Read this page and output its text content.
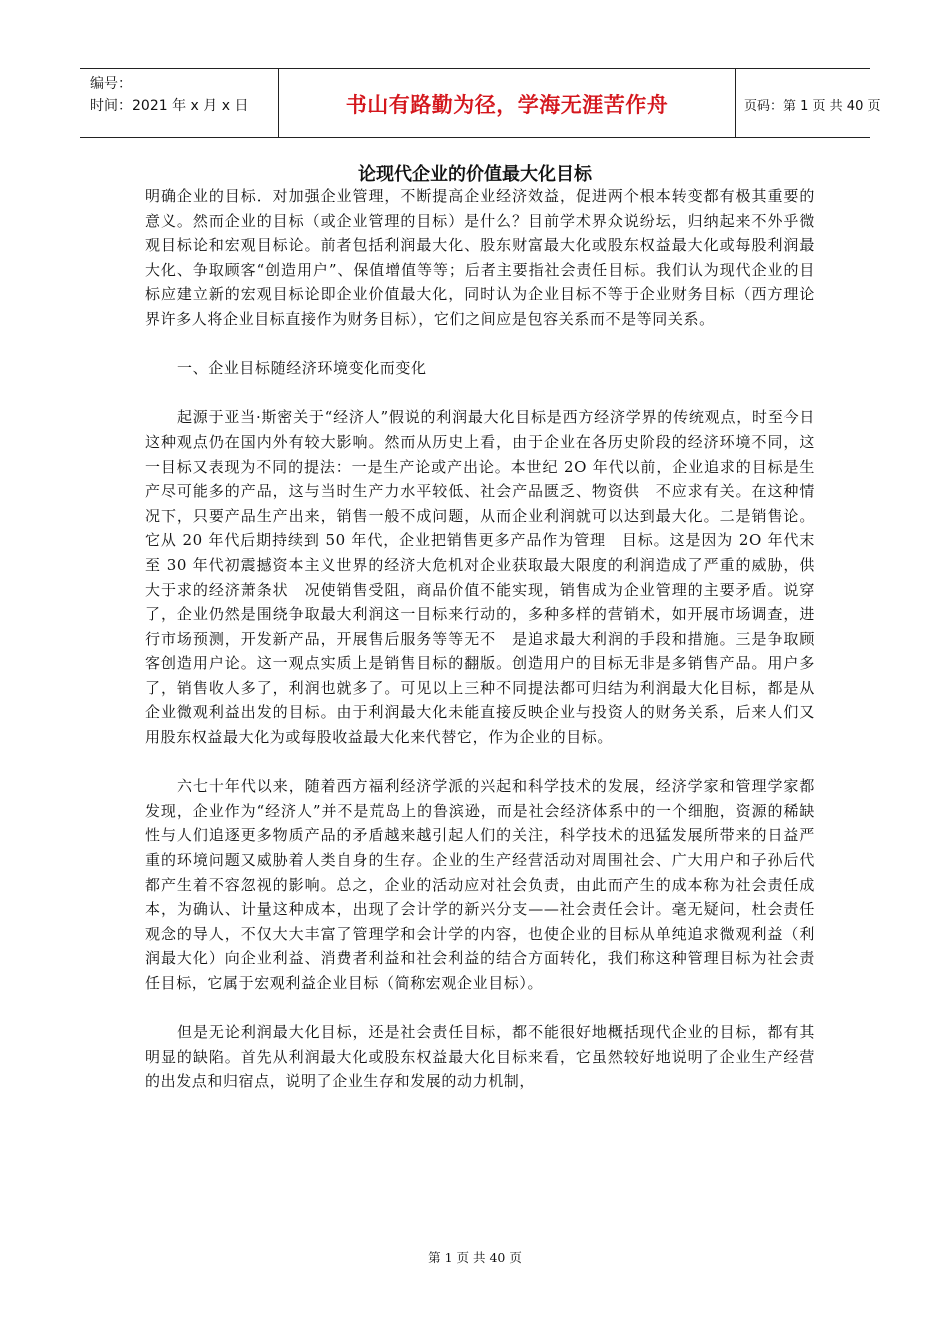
编号：
时间：2021 年 x 月 x 日	书山有路勤为径，学海无涯苦作舟	页码：第 1 页 共 40 页
论现代企业的价值最大化目标

明确企业的目标．对加强企业管理，不断提高企业经济效益，促进两个根本转变都有极其重要的意义。然而企业的目标（或企业管理的目标）是什么？目前学术界众说纷坛，归纳起来不外乎微观目标论和宏观目标论。前者包括利润最大化、股东财富最大化或股东权益最大化或每股利润最大化、争取顾客“创造用户”、保值增值等等；后者主要指社会责任目标。我们认为现代企业的目标应建立新的宏观目标论即企业价值最大化，同时认为企业目标不等于企业财务目标（西方理论界许多人将企业目标直接作为财务目标），它们之间应是包容关系而不是等同关系。

一、企业目标随经济环境变化而变化

起源于亚当·斯密关于“经济人”假说的利润最大化目标是西方经济学界的传统观点，时至今日这种观点仍在国内外有较大影响。然而从历史上看，由于企业在各历史阶段的经济环境不同，这一目标又表现为不同的提法：一是生产论或产出论。本世纪 2O 年代以前，企业追求的目标是生产尽可能多的产品，这与当时生产力水平较低、社会产品匮乏、物资供　不应求有关。在这种情况下，只要产品生产出来，销售一般不成问题，从而企业利润就可以达到最大化。二是销售论。它从 20 年代后期持续到 50 年代，企业把销售更多产品作为管理　目标。这是因为 2O 年代末至 30 年代初震撼资本主义世界的经济大危机对企业获取最大限度的利润造成了严重的威胁，供大于求的经济萧条状　况使销售受阻，商品价值不能实现，销售成为企业管理的主要矛盾。说穿了，企业仍然是围绕争取最大利润这一目标来行动的，多种多样的营销术，如开展市场调查，进行市场预测，开发新产品，开展售后服务等等无不　是追求最大利润的手段和措施。三是争取顾客创造用户论。这一观点实质上是销售目标的翻版。创造用户的目标无非是多销售产品。用户多了，销售收人多了，利润也就多了。可见以上三种不同提法都可归结为利润最大化目标，都是从企业微观利益出发的目标。由于利润最大化未能直接反映企业与投资人的财务关系，后来人们又用股东权益最大化为或每股收益最大化来代替它，作为企业的目标。

六七十年代以来，随着西方福利经济学派的兴起和科学技术的发展，经济学家和管理学家都发现，企业作为“经济人”并不是荒岛上的鲁滨逊，而是社会经济体系中的一个细胞，资源的稀缺性与人们追逐更多物质产品的矛盾越来越引起人们的关注，科学技术的迅猛发展所带来的日益严重的环境问题又威胁着人类自身的生存。企业的生产经营活动对周围社会、广大用户和子孙后代都产生着不容忽视的影响。总之，企业的活动应对社会负责，由此而产生的成本称为社会责任成本，为确认、计量这种成本，出现了会计学的新兴分支——社会责任会计。毫无疑问，杜会责任观念的导人，不仅大大丰富了管理学和会计学的内容，也使企业的目标从单纯追求微观利益（利润最大化）向企业利益、消费者利益和社会利益的结合方面转化，我们称这种管理目标为社会责任目标，它属于宏观利益企业目标（简称宏观企业目标）。

但是无论利润最大化目标，还是社会责任目标，都不能很好地概括现代企业的目标，都有其明显的缺陷。首先从利润最大化或股东权益最大化目标来看，它虽然较好地说明了企业生产经营的出发点和归宿点，说明了企业生存和发展的动力机制，

第 1 页 共 40 页
